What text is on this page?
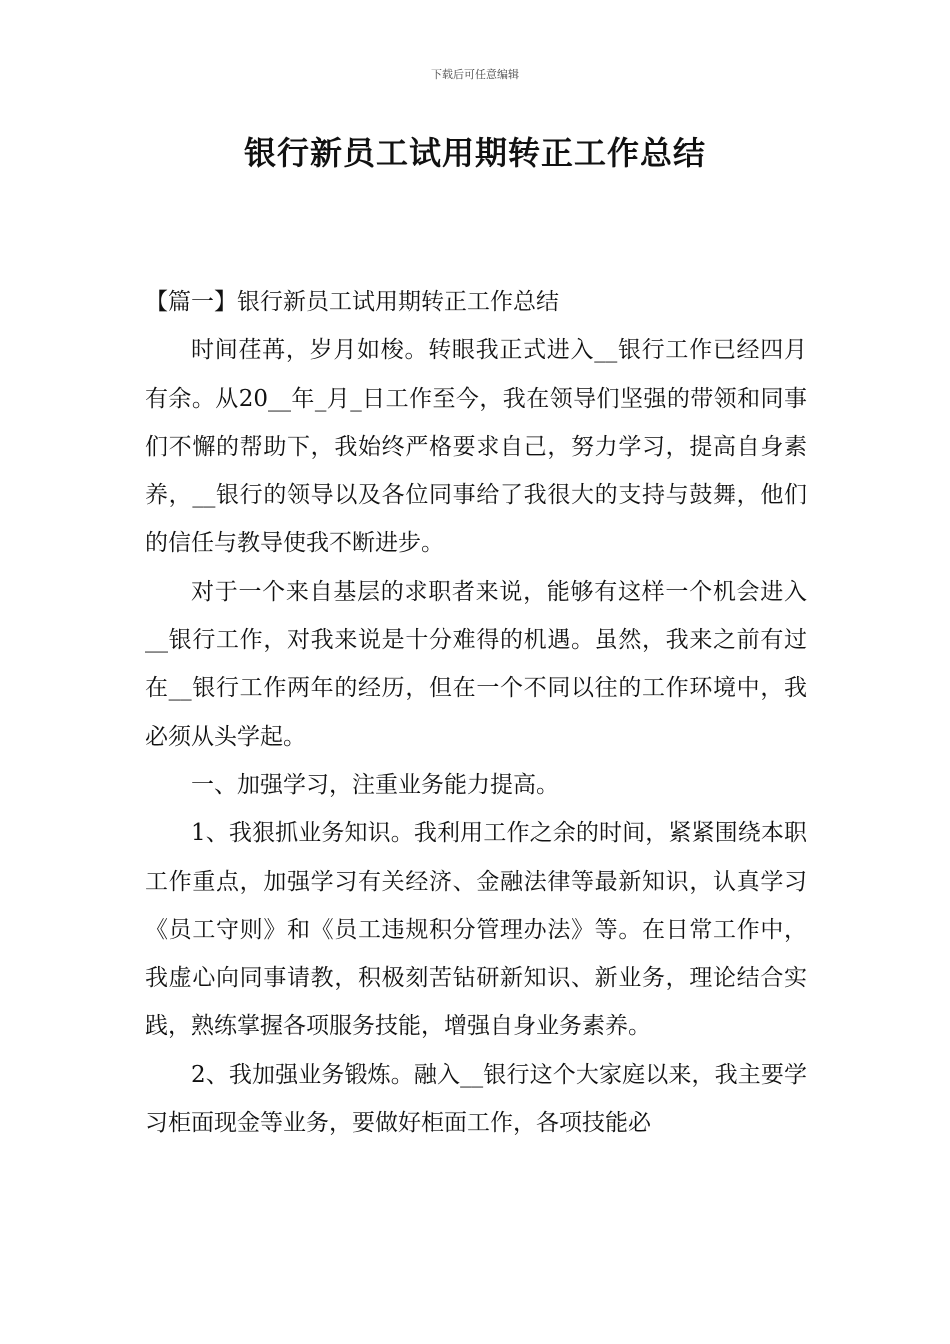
下载后可任意编辑
银行新员工试用期转正工作总结

【篇一】银行新员工试用期转正工作总结

时间荏苒，岁月如梭。转眼我正式进入__银行工作已经四月有余。从20__年_月_日工作至今，我在领导们坚强的带领和同事们不懈的帮助下，我始终严格要求自己，努力学习，提高自身素养，__银行的领导以及各位同事给了我很大的支持与鼓舞，他们的信任与教导使我不断进步。

对于一个来自基层的求职者来说，能够有这样一个机会进入__银行工作，对我来说是十分难得的机遇。虽然，我来之前有过在__银行工作两年的经历，但在一个不同以往的工作环境中，我必须从头学起。

一、加强学习，注重业务能力提高。

1、我狠抓业务知识。我利用工作之余的时间，紧紧围绕本职工作重点，加强学习有关经济、金融法律等最新知识，认真学习《员工守则》和《员工违规积分管理办法》等。在日常工作中，我虚心向同事请教，积极刻苦钻研新知识、新业务，理论结合实践，熟练掌握各项服务技能，增强自身业务素养。

2、我加强业务锻炼。融入__银行这个大家庭以来，我主要学习柜面现金等业务，要做好柜面工作，各项技能必
